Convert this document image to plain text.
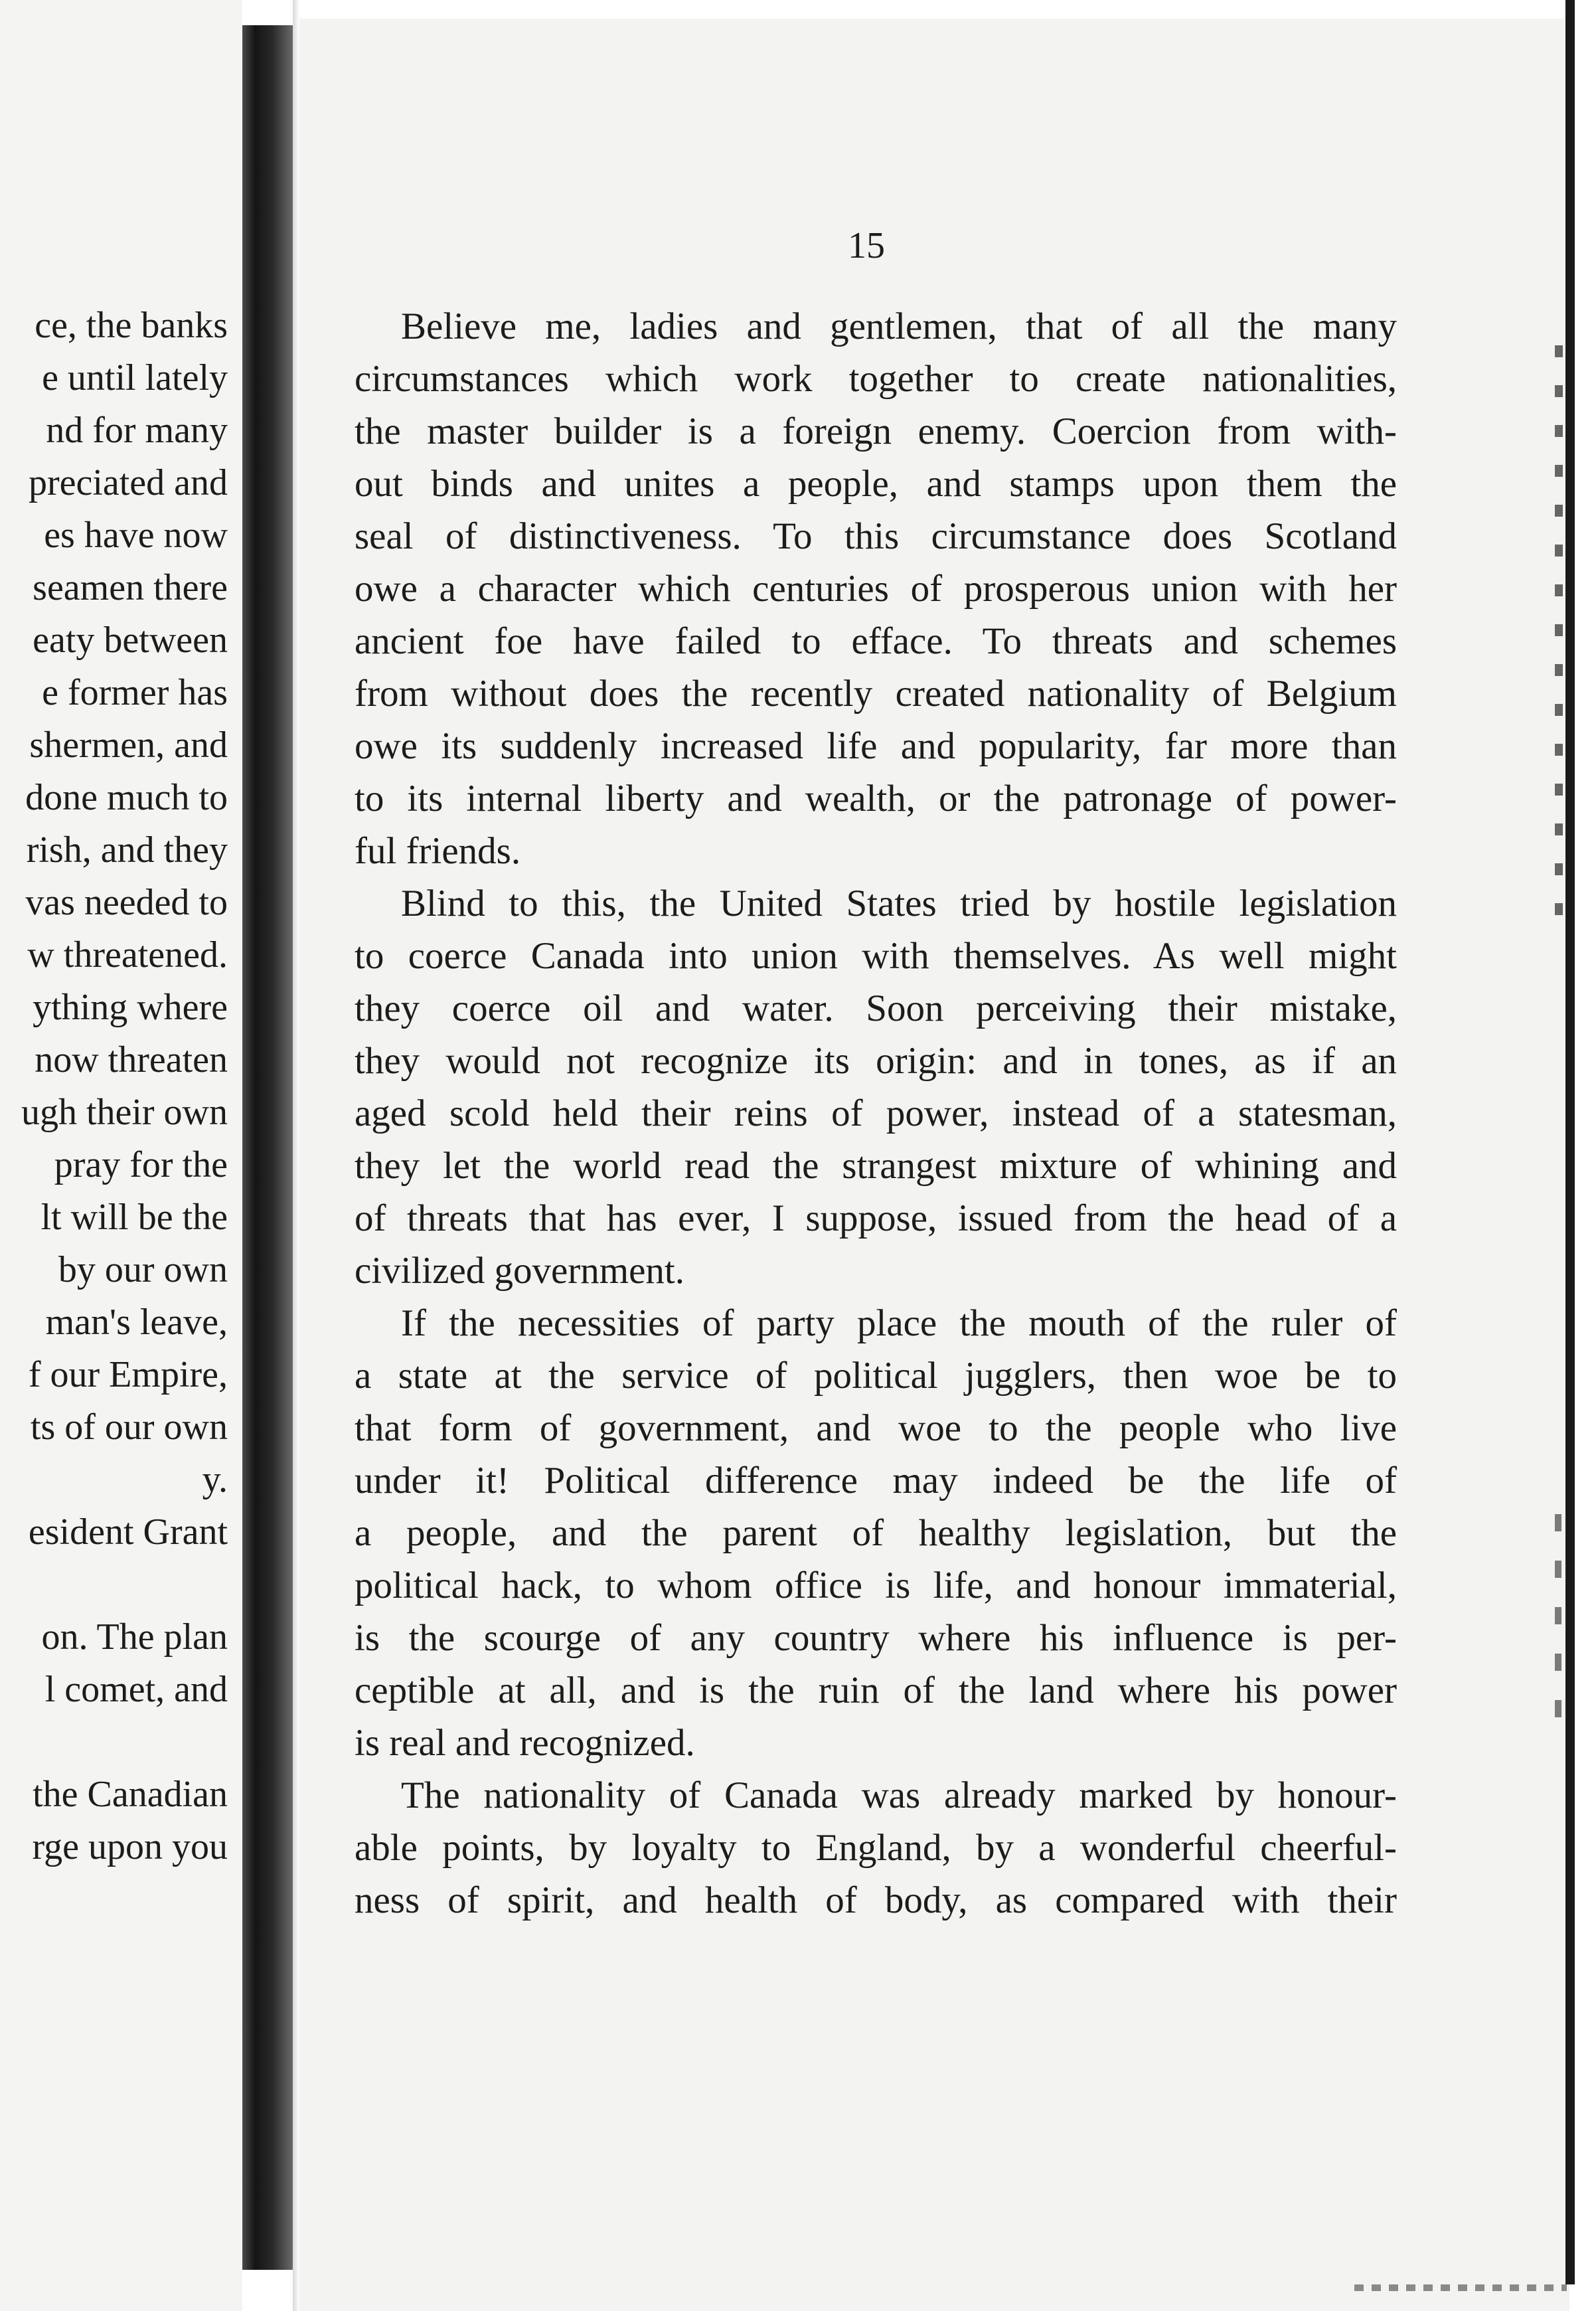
ce, the banks
e until lately
nd for many
preciated and
es have now
seamen there
eaty between
e former has
shermen, and
done much to
rish, and they
vas needed to
w threatened.
ything where
now threaten
ugh their own
pray for the
lt will be the
by our own
man's leave,
f our Empire,
ts of our own
y.
esident Grant
on. The plan
l comet, and
the Canadian
rge upon you
15
Believe me, ladies and gentlemen, that of all the many
circumstances which work together to create nationalities,
the master builder is a foreign enemy. Coercion from with-
out binds and unites a people, and stamps upon them the
seal of distinctiveness. To this circumstance does Scotland
owe a character which centuries of prosperous union with her
ancient foe have failed to efface. To threats and schemes
from without does the recently created nationality of Belgium
owe its suddenly increased life and popularity, far more than
to its internal liberty and wealth, or the patronage of power-
ful friends.
Blind to this, the United States tried by hostile legislation
to coerce Canada into union with themselves. As well might
they coerce oil and water. Soon perceiving their mistake,
they would not recognize its origin: and in tones, as if an
aged scold held their reins of power, instead of a statesman,
they let the world read the strangest mixture of whining and
of threats that has ever, I suppose, issued from the head of a
civilized government.
If the necessities of party place the mouth of the ruler of
a state at the service of political jugglers, then woe be to
that form of government, and woe to the people who live
under it! Political difference may indeed be the life of
a people, and the parent of healthy legislation, but the
political hack, to whom office is life, and honour immaterial,
is the scourge of any country where his influence is per-
ceptible at all, and is the ruin of the land where his power
is real and recognized.
The nationality of Canada was already marked by honour-
able points, by loyalty to England, by a wonderful cheerful-
ness of spirit, and health of body, as compared with their
